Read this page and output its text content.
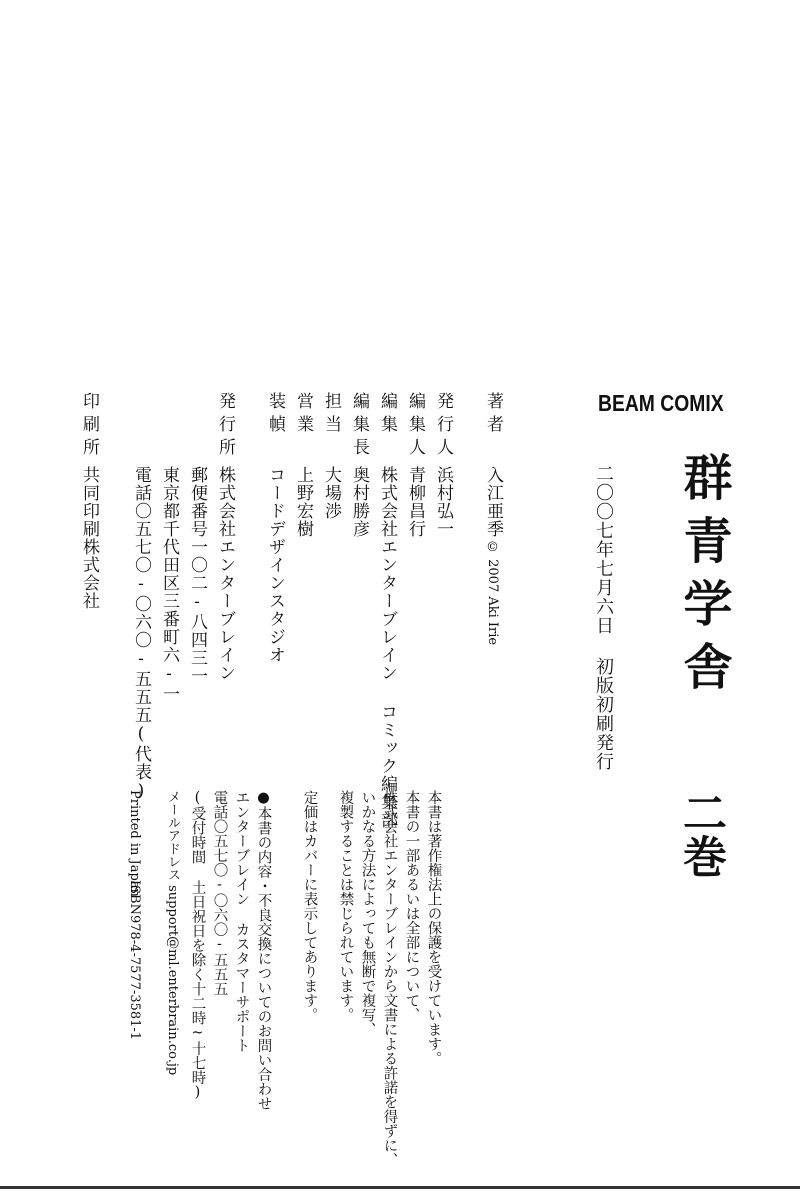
BEAM COMIX
群青学舎
二巻
二〇〇七年七月六日 初版初刷発行
著者
発行人
編集人
編集
編集長
担当
営業
装幀
入江亜季
© 2007 Aki Irie
浜村弘一
青柳昌行
株式会社エンターブレイン コミック編集部
奥村勝彦
大場渉
上野宏樹
コードデザインスタジオ
発行所
株式会社エンターブレイン
郵便番号一〇二-八四三一
東京都千代田区三番町六-一
電話〇五七〇-〇六〇-五五五(代表)
印刷所
共同印刷株式会社
本書は著作権法上の保護を受けています。
本書の一部あるいは全部について、
株式会社エンターブレインから文書による許諾を得ずに、
いかなる方法によっても無断で複写、
複製することは禁じられています。
定価はカバーに表示してあります。
●本書の内容・不良交換についてのお問い合わせ
エンターブレイン カスタマーサポート
電話〇五七〇-〇六〇-五五五
(受付時間 土日祝日を除く十二時~十七時)
メールアドレス support@ml.enterbrain.co.jp
Printed in Japan
ISBN978-4-7577-3581-1
